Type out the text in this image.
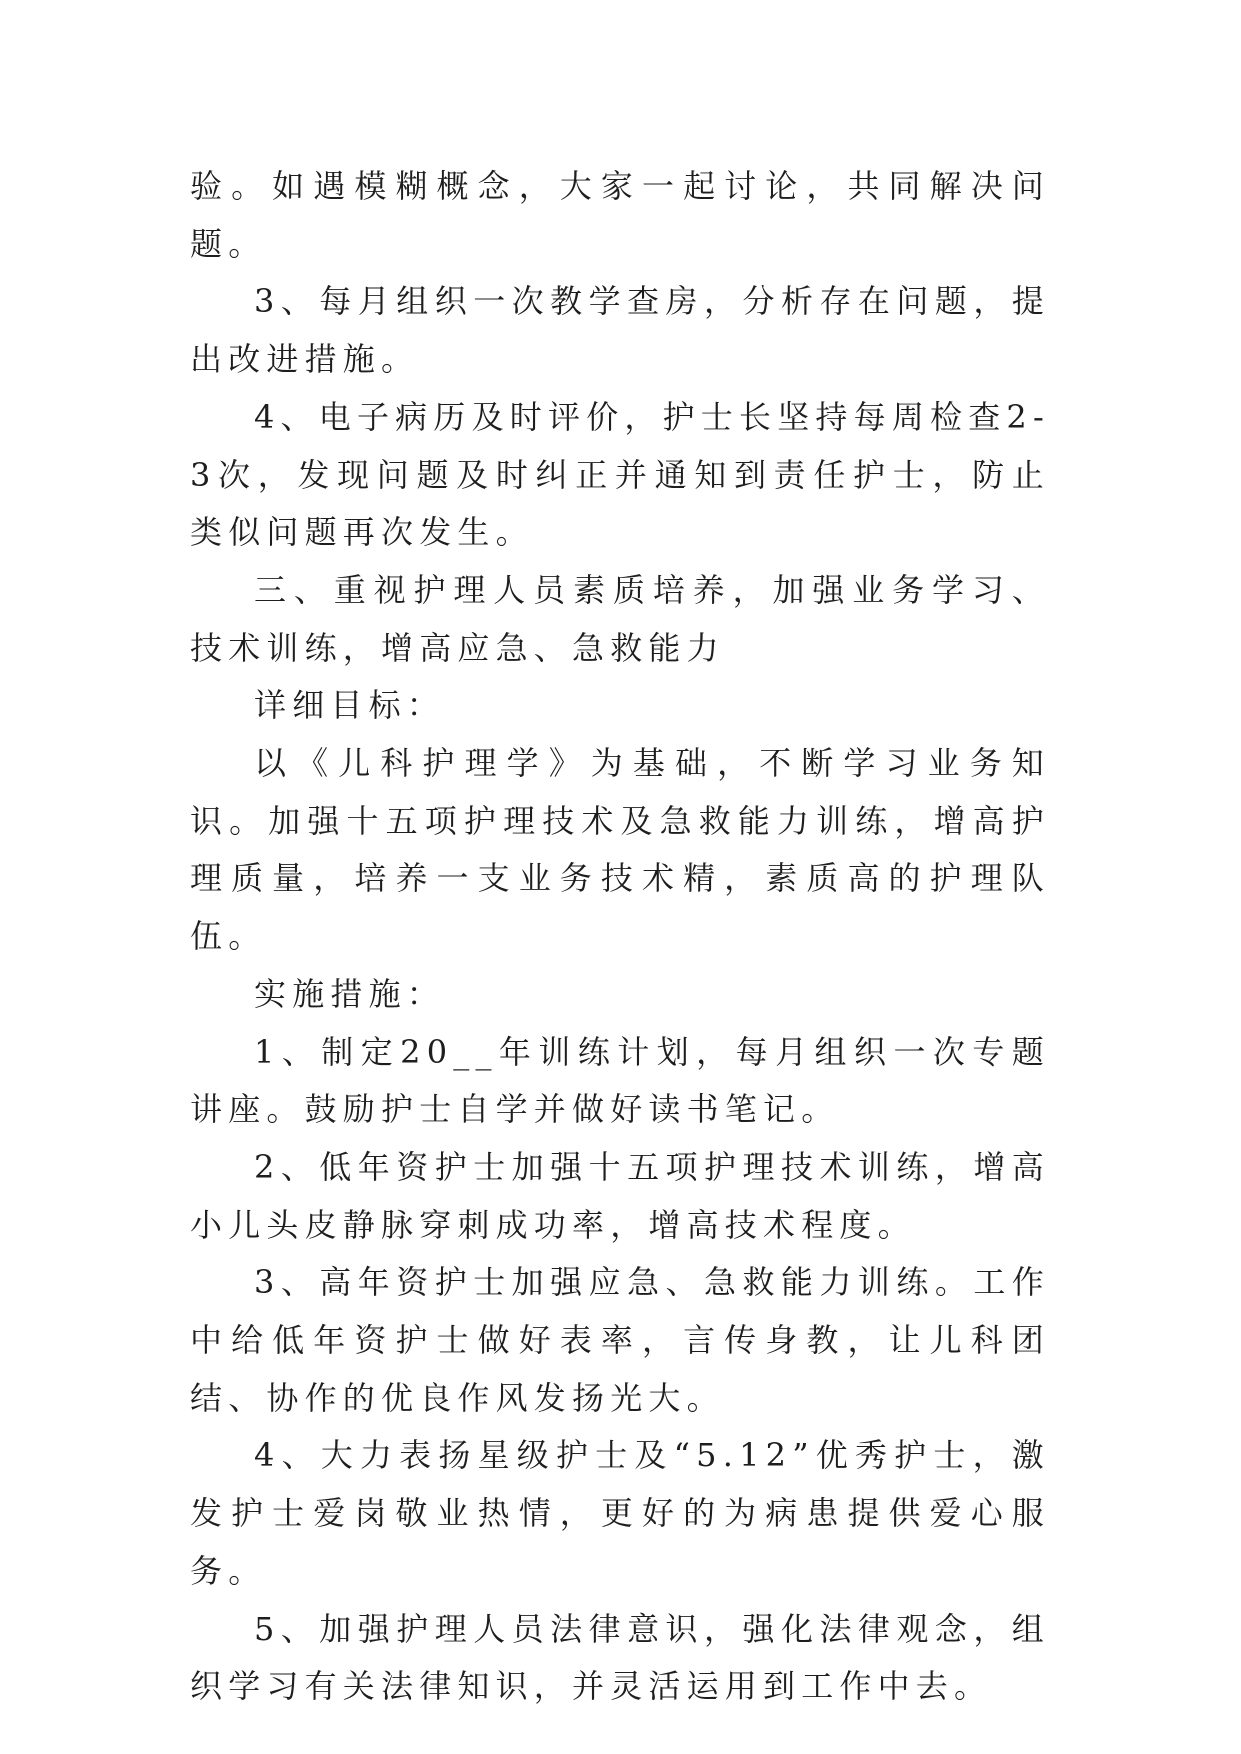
验。如遇模糊概念，大家一起讨论，共同解决问题。

3、每月组织一次教学查房，分析存在问题，提出改进措施。

4、电子病历及时评价，护士长坚持每周检查2-3次，发现问题及时纠正并通知到责任护士，防止类似问题再次发生。

三、重视护理人员素质培养，加强业务学习、技术训练，增高应急、急救能力

详细目标：

以《儿科护理学》为基础，不断学习业务知识。加强十五项护理技术及急救能力训练，增高护理质量，培养一支业务技术精，素质高的护理队伍。

实施措施：

1、制定20__年训练计划，每月组织一次专题讲座。鼓励护士自学并做好读书笔记。

2、低年资护士加强十五项护理技术训练，增高小儿头皮静脉穿刺成功率，增高技术程度。

3、高年资护士加强应急、急救能力训练。工作中给低年资护士做好表率，言传身教，让儿科团结、协作的优良作风发扬光大。

4、大力表扬星级护士及“5.12”优秀护士，激发护士爱岗敬业热情，更好的为病患提供爱心服务。

5、加强护理人员法律意识，强化法律观念，组织学习有关法律知识，并灵活运用到工作中去。
